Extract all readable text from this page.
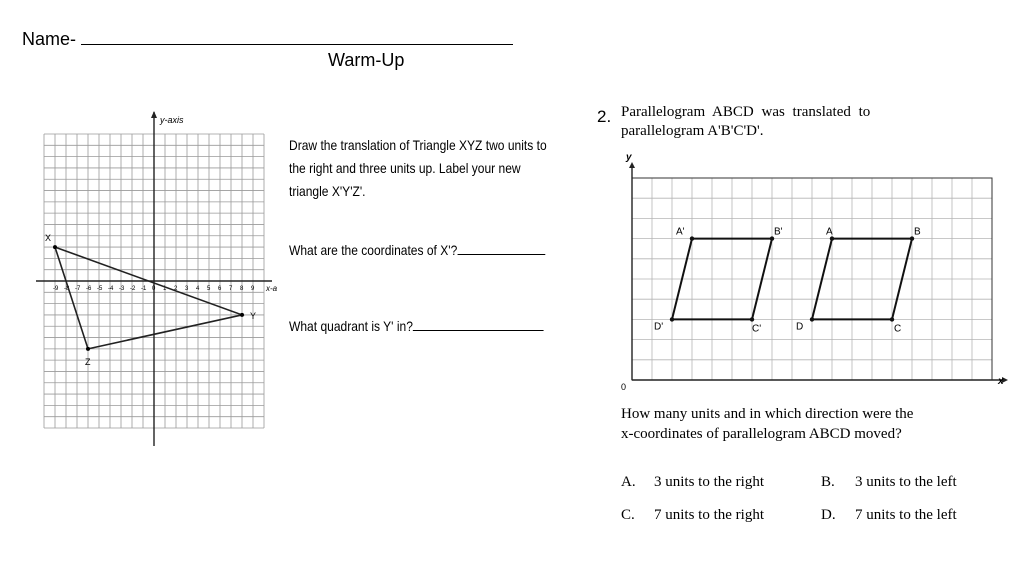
Name-
Warm-Up
-9 -8 -7 -6 -5 -4 -3 -2 -1 0 1 2 3 4 5 6 7 8 9
X
Y
Z
y-axis
x-a
Draw the translation of Triangle XYZ two units to
the right and three units up. Label your new
triangle X'Y'Z'.
What are the coordinates of X'?
What quadrant is Y' in?
2. Parallelogram ABCD was translated to
parallelogram A'B'C'D'.
A'	B'
C'
D'
A	B
C
D
y
x
0
How many units and in which direction were the
x-coordinates of parallelogram ABCD moved?
A. 3 units to the right	B. 3 units to the left
C. 7 units to the right	D. 7 units to the left
